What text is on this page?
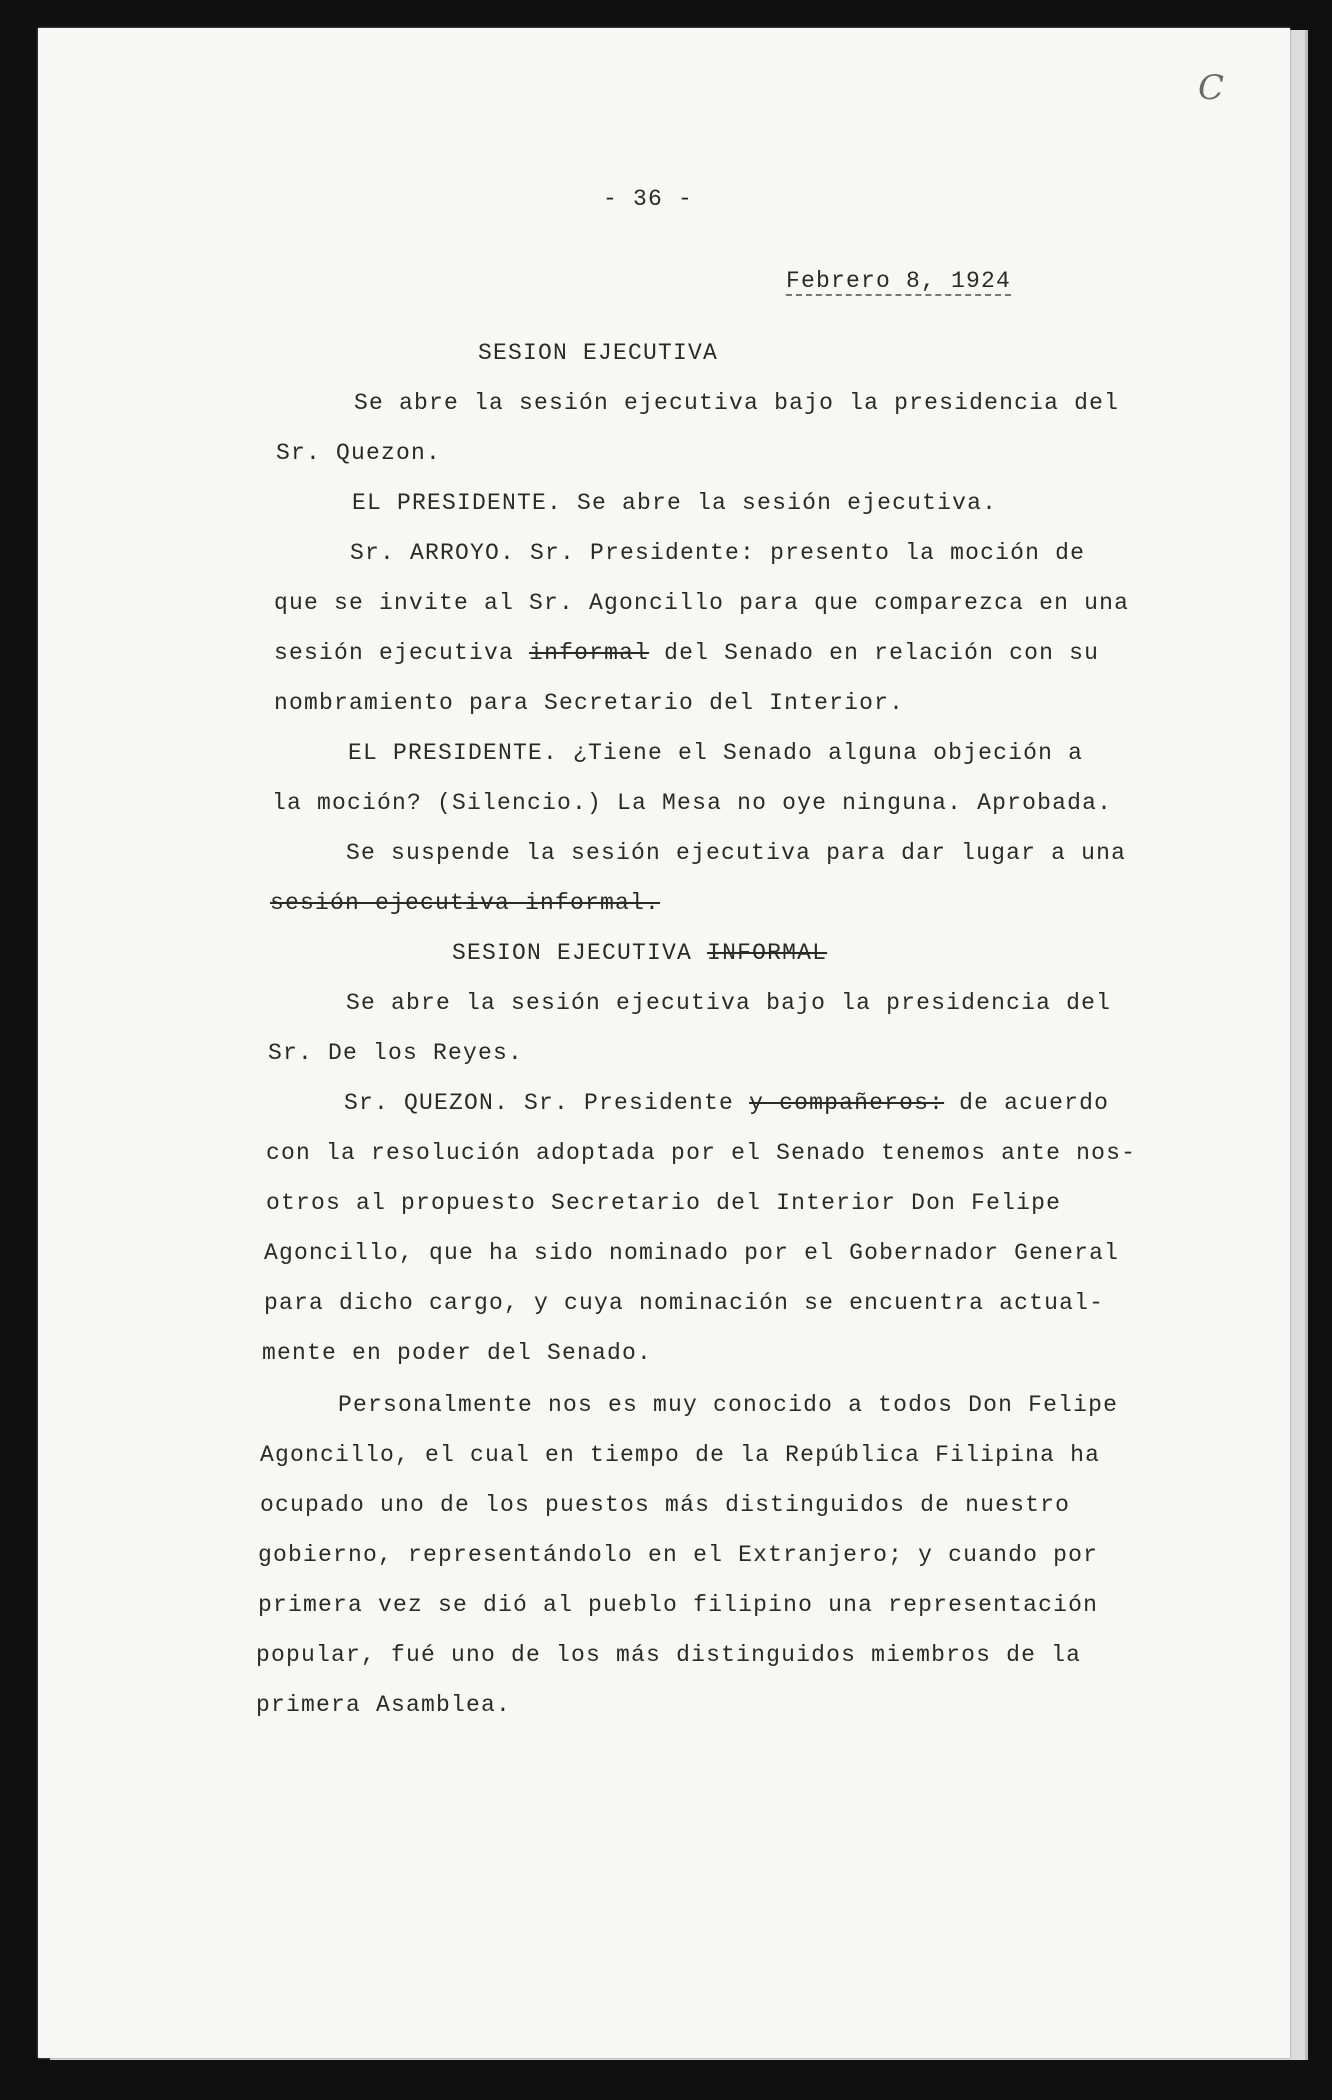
C
- 36 -
Febrero 8, 1924
SESION EJECUTIVA
Se abre la sesión ejecutiva bajo la presidencia del
Sr. Quezon.
EL PRESIDENTE. Se abre la sesión ejecutiva.
Sr. ARROYO. Sr. Presidente: presento la moción de
que se invite al Sr. Agoncillo para que comparezca en una
sesión ejecutiva informal del Senado en relación con su
nombramiento para Secretario del Interior.
EL PRESIDENTE. ¿Tiene el Senado alguna objeción a
la moción? (Silencio.) La Mesa no oye ninguna. Aprobada.
Se suspende la sesión ejecutiva para dar lugar a una
sesión ejecutiva informal.
SESION EJECUTIVA INFORMAL
Se abre la sesión ejecutiva bajo la presidencia del
Sr. De los Reyes.
Sr. QUEZON. Sr. Presidente y compañeros: de acuerdo
con la resolución adoptada por el Senado tenemos ante nos-
otros al propuesto Secretario del Interior Don Felipe
Agoncillo, que ha sido nominado por el Gobernador General
para dicho cargo, y cuya nominación se encuentra actual-
mente en poder del Senado.
Personalmente nos es muy conocido a todos Don Felipe
Agoncillo, el cual en tiempo de la República Filipina ha
ocupado uno de los puestos más distinguidos de nuestro
gobierno, representándolo en el Extranjero; y cuando por
primera vez se dió al pueblo filipino una representación
popular, fué uno de los más distinguidos miembros de la
primera Asamblea.
